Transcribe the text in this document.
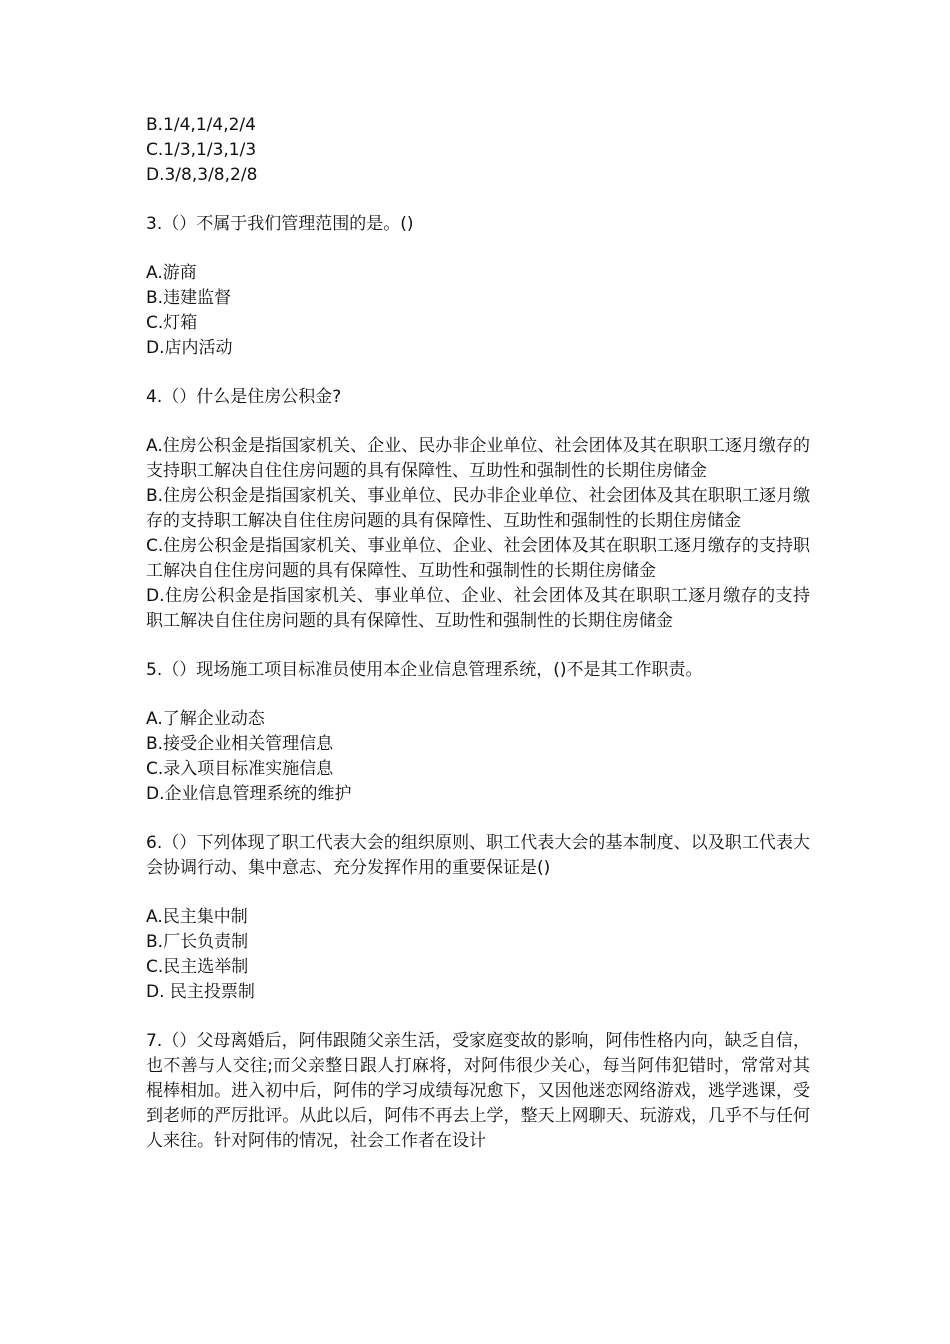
B.1/4,1/4,2/4
C.1/3,1/3,1/3
D.3/8,3/8,2/8
3.（）不属于我们管理范围的是。()
A.游商
B.违建监督
C.灯箱
D.店内活动
4.（）什么是住房公积金?
A.住房公积金是指国家机关、企业、民办非企业单位、社会团体及其在职职工逐月缴存的支持职工解决自住住房问题的具有保障性、互助性和强制性的长期住房储金
B.住房公积金是指国家机关、事业单位、民办非企业单位、社会团体及其在职职工逐月缴存的支持职工解决自住住房问题的具有保障性、互助性和强制性的长期住房储金
C.住房公积金是指国家机关、事业单位、企业、社会团体及其在职职工逐月缴存的支持职工解决自住住房问题的具有保障性、互助性和强制性的长期住房储金
D.住房公积金是指国家机关、事业单位、企业、社会团体及其在职职工逐月缴存的支持职工解决自住住房问题的具有保障性、互助性和强制性的长期住房储金
5.（）现场施工项目标准员使用本企业信息管理系统，()不是其工作职责。
A.了解企业动态
B.接受企业相关管理信息
C.录入项目标准实施信息
D.企业信息管理系统的维护
6.（）下列体现了职工代表大会的组织原则、职工代表大会的基本制度、以及职工代表大会协调行动、集中意志、充分发挥作用的重要保证是()
A.民主集中制
B.厂长负责制
C.民主选举制
D. 民主投票制
7.（）父母离婚后，阿伟跟随父亲生活，受家庭变故的影响，阿伟性格内向，缺乏自信，也不善与人交往;而父亲整日跟人打麻将，对阿伟很少关心，每当阿伟犯错时，常常对其棍棒相加。进入初中后，阿伟的学习成绩每况愈下，又因他迷恋网络游戏，逃学逃课，受到老师的严厉批评。从此以后，阿伟不再去上学，整天上网聊天、玩游戏，几乎不与任何人来往。针对阿伟的情况，社会工作者在设计
